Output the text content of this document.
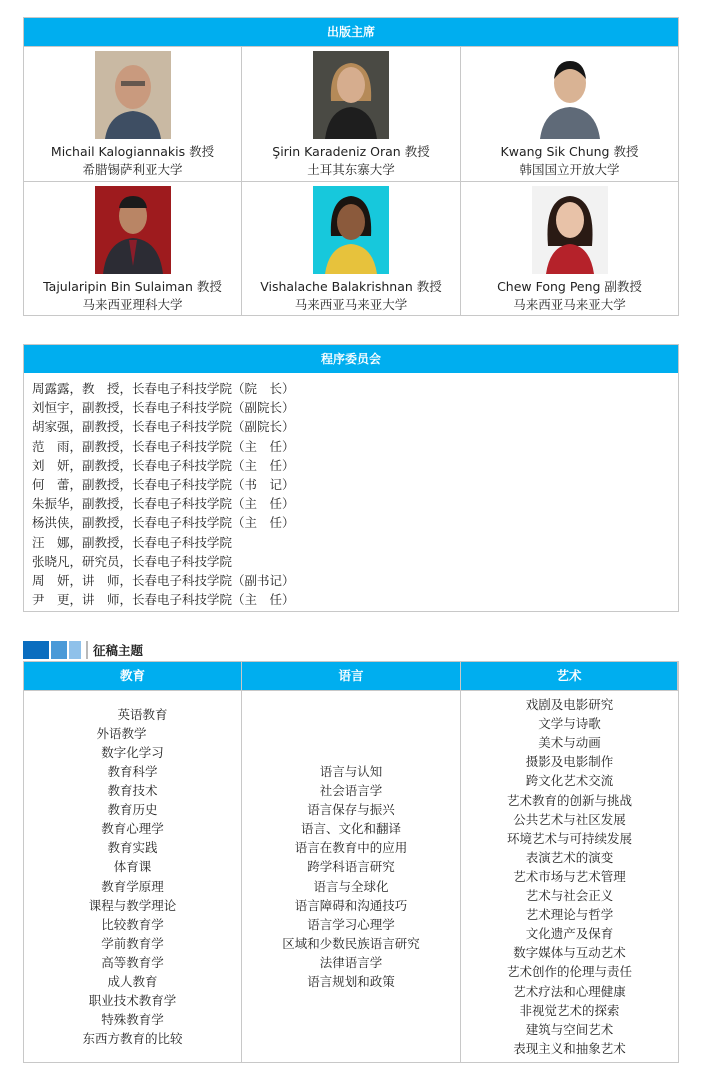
出版主席
Michail Kalogiannakis 教授
希腊锡萨利亚大学
Şirin Karadeniz Oran 教授
土耳其东寨大学
Kwang Sik Chung 教授
韩国国立开放大学
Tajularipin Bin Sulaiman 教授
马来西亚理科大学
Vishalache Balakrishnan 教授
马来西亚马来亚大学
Chew Fong Peng 副教授
马来西亚马来亚大学
程序委员会
周露露，教　授，长春电子科技学院（院　长）
刘恒宇，副教授，长春电子科技学院（副院长）
胡家强，副教授，长春电子科技学院（副院长）
范　雨，副教授，长春电子科技学院（主　任）
刘　妍，副教授，长春电子科技学院（主　任）
何　蕾，副教授，长春电子科技学院（书　记）
朱振华，副教授，长春电子科技学院（主　任）
杨洪侠，副教授，长春电子科技学院（主　任）
汪　娜，副教授，长春电子科技学院
张晓凡，研究员，长春电子科技学院
周　妍，讲　师，长春电子科技学院（副书记）
尹　更，讲　师，长春电子科技学院（主　任）
征稿主题
教育	语言	艺术
英语教育
外语教学
数字化学习
教育科学
教育技术
教育历史
教育心理学
教育实践
体育课
教育学原理
课程与教学理论
比较教育学
学前教育学
高等教育学
成人教育
职业技术教育学
特殊教育学
东西方教育的比较
语言与认知
社会语言学
语言保存与振兴
语言、文化和翻译
语言在教育中的应用
跨学科语言研究
语言与全球化
语言障碍和沟通技巧
语言学习心理学
区域和少数民族语言研究
法律语言学
语言规划和政策
戏剧及电影研究
文学与诗歌
美术与动画
摄影及电影制作
跨文化艺术交流
艺术教育的创新与挑战
公共艺术与社区发展
环境艺术与可持续发展
表演艺术的演变
艺术市场与艺术管理
艺术与社会正义
艺术理论与哲学
文化遗产及保育
数字媒体与互动艺术
艺术创作的伦理与责任
艺术疗法和心理健康
非视觉艺术的探索
建筑与空间艺术
表现主义和抽象艺术
